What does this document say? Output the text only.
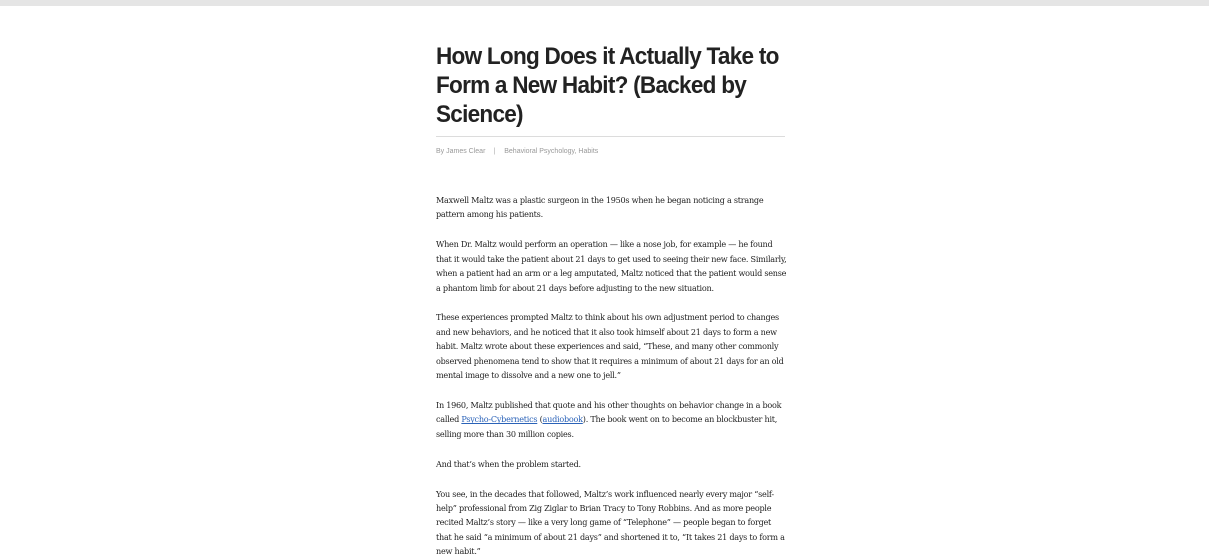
How Long Does it Actually Take to Form a New Habit? (Backed by Science)
By James Clear | Behavioral Psychology, Habits

Maxwell Maltz was a plastic surgeon in the 1950s when he began noticing a strange pattern among his patients.

When Dr. Maltz would perform an operation — like a nose job, for example — he found that it would take the patient about 21 days to get used to seeing their new face. Similarly, when a patient had an arm or a leg amputated, Maltz noticed that the patient would sense a phantom limb for about 21 days before adjusting to the new situation.

These experiences prompted Maltz to think about his own adjustment period to changes and new behaviors, and he noticed that it also took himself about 21 days to form a new habit. Maltz wrote about these experiences and said, “These, and many other commonly observed phenomena tend to show that it requires a minimum of about 21 days for an old mental image to dissolve and a new one to jell.”

In 1960, Maltz published that quote and his other thoughts on behavior change in a book called Psycho-Cybernetics (audiobook). The book went on to become an blockbuster hit, selling more than 30 million copies.

And that’s when the problem started.

You see, in the decades that followed, Maltz’s work influenced nearly every major “self-help” professional from Zig Ziglar to Brian Tracy to Tony Robbins. And as more people recited Maltz’s story — like a very long game of “Telephone” — people began to forget that he said “a minimum of about 21 days” and shortened it to, “It takes 21 days to form a new habit.”
